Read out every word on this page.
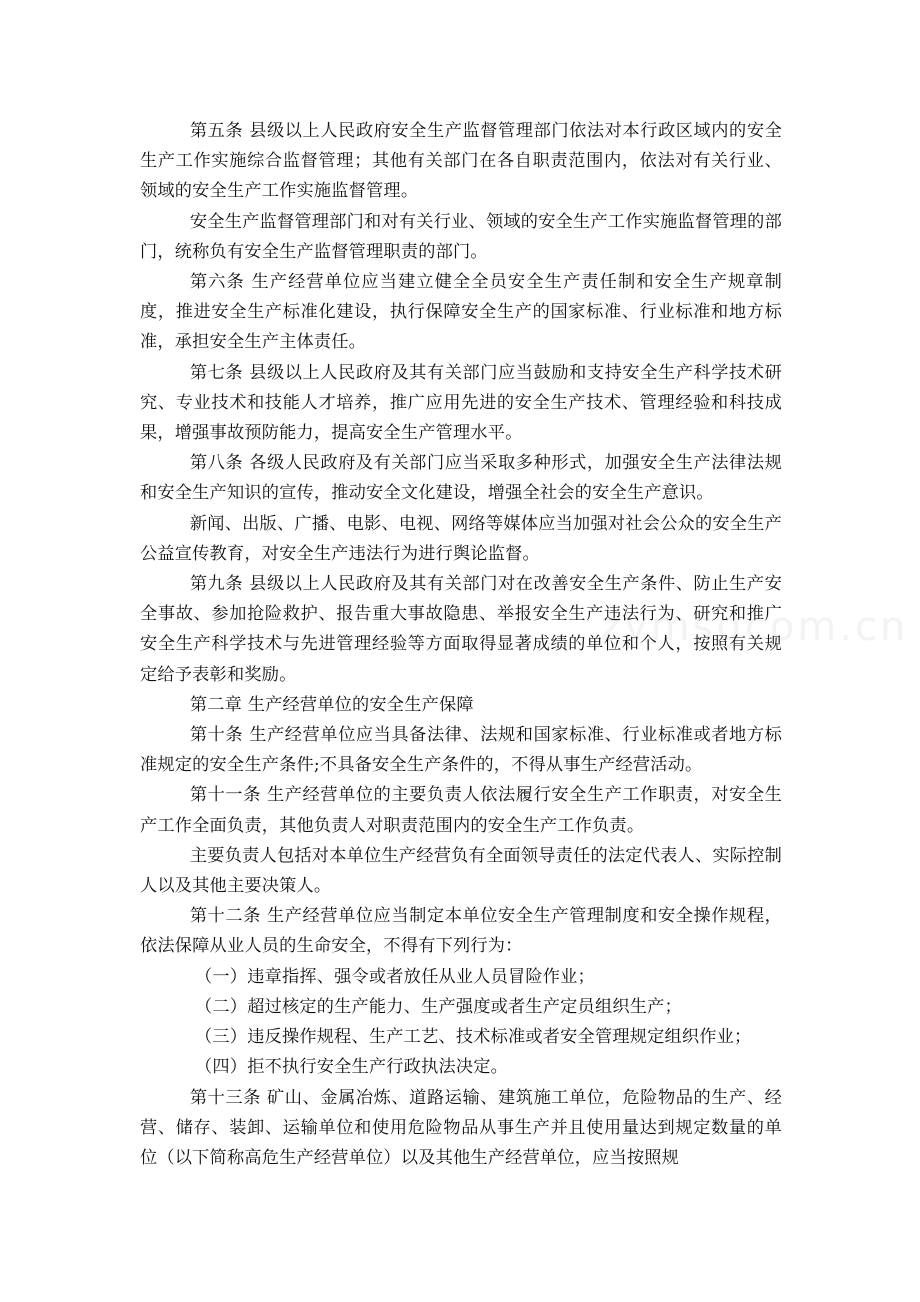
第五条 县级以上人民政府安全生产监督管理部门依法对本行政区域内的安全生产工作实施综合监督管理；其他有关部门在各自职责范围内，依法对有关行业、领域的安全生产工作实施监督管理。

安全生产监督管理部门和对有关行业、领域的安全生产工作实施监督管理的部门，统称负有安全生产监督管理职责的部门。

第六条 生产经营单位应当建立健全全员安全生产责任制和安全生产规章制度，推进安全生产标准化建设，执行保障安全生产的国家标准、行业标准和地方标准，承担安全生产主体责任。

第七条 县级以上人民政府及其有关部门应当鼓励和支持安全生产科学技术研究、专业技术和技能人才培养，推广应用先进的安全生产技术、管理经验和科技成果，增强事故预防能力，提高安全生产管理水平。

第八条 各级人民政府及有关部门应当采取多种形式，加强安全生产法律法规和安全生产知识的宣传，推动安全文化建设，增强全社会的安全生产意识。

新闻、出版、广播、电影、电视、网络等媒体应当加强对社会公众的安全生产公益宣传教育，对安全生产违法行为进行舆论监督。

第九条 县级以上人民政府及其有关部门对在改善安全生产条件、防止生产安全事故、参加抢险救护、报告重大事故隐患、举报安全生产违法行为、研究和推广安全生产科学技术与先进管理经验等方面取得显著成绩的单位和个人，按照有关规定给予表彰和奖励。

第二章 生产经营单位的安全生产保障

第十条 生产经营单位应当具备法律、法规和国家标准、行业标准或者地方标准规定的安全生产条件;不具备安全生产条件的，不得从事生产经营活动。

第十一条 生产经营单位的主要负责人依法履行安全生产工作职责，对安全生产工作全面负责，其他负责人对职责范围内的安全生产工作负责。

主要负责人包括对本单位生产经营负有全面领导责任的法定代表人、实际控制人以及其他主要决策人。

第十二条 生产经营单位应当制定本单位安全生产管理制度和安全操作规程，依法保障从业人员的生命安全，不得有下列行为：

（一）违章指挥、强令或者放任从业人员冒险作业；

（二）超过核定的生产能力、生产强度或者生产定员组织生产；

（三）违反操作规程、生产工艺、技术标准或者安全管理规定组织作业；

（四）拒不执行安全生产行政执法决定。

第十三条 矿山、金属冶炼、道路运输、建筑施工单位，危险物品的生产、经营、储存、装卸、运输单位和使用危险物品从事生产并且使用量达到规定数量的单位（以下简称高危生产经营单位）以及其他生产经营单位，应当按照规

zymsgcom.cn
